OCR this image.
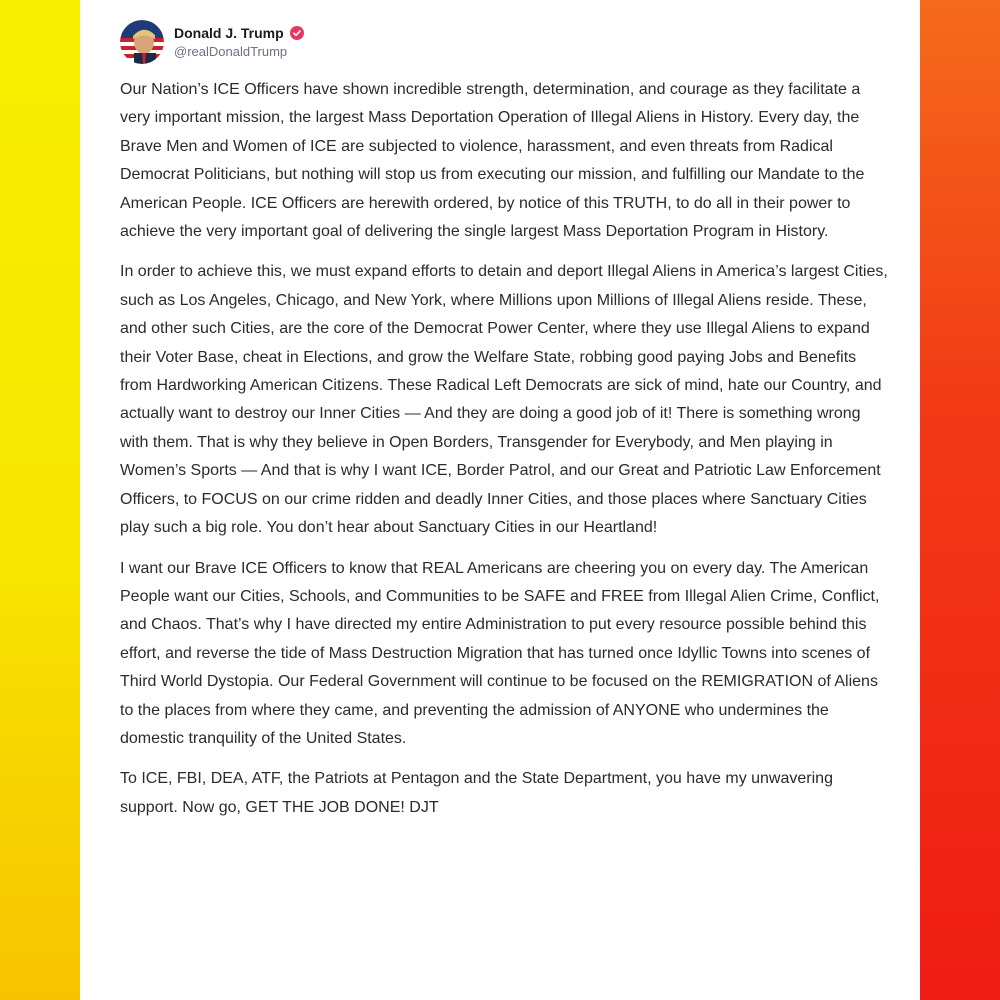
Donald J. Trump
@realDonaldTrump

Our Nation’s ICE Officers have shown incredible strength, determination, and courage as they facilitate a very important mission, the largest Mass Deportation Operation of Illegal Aliens in History. Every day, the Brave Men and Women of ICE are subjected to violence, harassment, and even threats from Radical Democrat Politicians, but nothing will stop us from executing our mission, and fulfilling our Mandate to the American People. ICE Officers are herewith ordered, by notice of this TRUTH, to do all in their power to achieve the very important goal of delivering the single largest Mass Deportation Program in History.

In order to achieve this, we must expand efforts to detain and deport Illegal Aliens in America’s largest Cities, such as Los Angeles, Chicago, and New York, where Millions upon Millions of Illegal Aliens reside. These, and other such Cities, are the core of the Democrat Power Center, where they use Illegal Aliens to expand their Voter Base, cheat in Elections, and grow the Welfare State, robbing good paying Jobs and Benefits from Hardworking American Citizens. These Radical Left Democrats are sick of mind, hate our Country, and actually want to destroy our Inner Cities — And they are doing a good job of it! There is something wrong with them. That is why they believe in Open Borders, Transgender for Everybody, and Men playing in Women’s Sports — And that is why I want ICE, Border Patrol, and our Great and Patriotic Law Enforcement Officers, to FOCUS on our crime ridden and deadly Inner Cities, and those places where Sanctuary Cities play such a big role. You don’t hear about Sanctuary Cities in our Heartland!

I want our Brave ICE Officers to know that REAL Americans are cheering you on every day. The American People want our Cities, Schools, and Communities to be SAFE and FREE from Illegal Alien Crime, Conflict, and Chaos. That’s why I have directed my entire Administration to put every resource possible behind this effort, and reverse the tide of Mass Destruction Migration that has turned once Idyllic Towns into scenes of Third World Dystopia. Our Federal Government will continue to be focused on the REMIGRATION of Aliens to the places from where they came, and preventing the admission of ANYONE who undermines the domestic tranquility of the United States.

To ICE, FBI, DEA, ATF, the Patriots at Pentagon and the State Department, you have my unwavering support. Now go, GET THE JOB DONE! DJT
